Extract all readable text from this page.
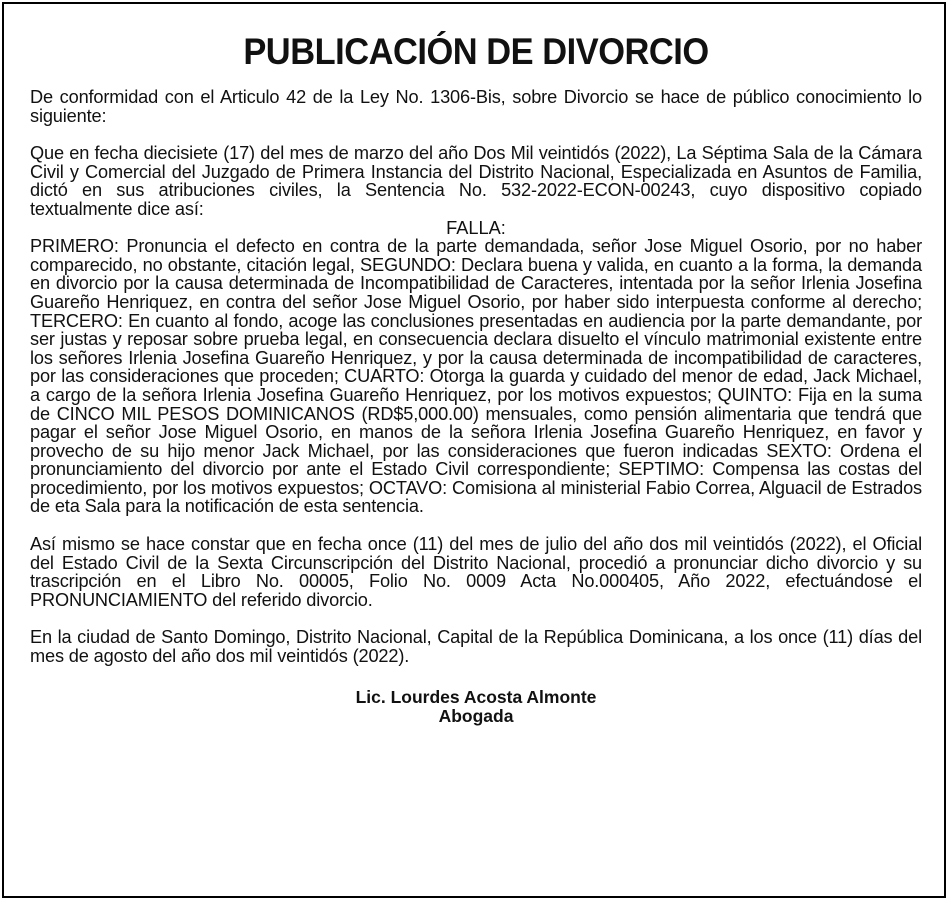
PUBLICACIÓN DE DIVORCIO

De conformidad con el Articulo 42 de la Ley No. 1306-Bis, sobre Divorcio se hace de público conocimiento lo siguiente:

Que en fecha diecisiete (17) del mes de marzo del año Dos Mil veintidós (2022), La Séptima Sala de la Cámara Civil y Comercial del Juzgado de Primera Instancia del Distrito Nacional, Especializada en Asuntos de Familia, dictó en sus atribuciones civiles, la Sentencia No. 532-2022-ECON-00243, cuyo dispositivo copiado textualmente dice así:

FALLA:

PRIMERO: Pronuncia el defecto en contra de la parte demandada, señor Jose Miguel Osorio, por no haber comparecido, no obstante, citación legal, SEGUNDO: Declara buena y valida, en cuanto a la forma, la demanda en divorcio por la causa determinada de Incompatibilidad de Caracteres, intentada por la señor Irlenia Josefina Guareño Henriquez, en contra del señor Jose Miguel Osorio, por haber sido interpuesta conforme al derecho; TERCERO: En cuanto al fondo, acoge las conclusiones presentadas en audiencia por la parte demandante, por ser justas y reposar sobre prueba legal, en consecuencia declara disuelto el vínculo matrimonial existente entre los señores Irlenia Josefina Guareño Henriquez, y por la causa determinada de incompatibilidad de caracteres, por las consideraciones que proceden; CUARTO: Otorga la guarda y cuidado del menor de edad, Jack Michael, a cargo de la señora Irlenia Josefina Guareño Henriquez, por los motivos expuestos; QUINTO: Fija en la suma de CINCO MIL PESOS DOMINICANOS (RD$5,000.00) mensuales, como pensión alimentaria que tendrá que pagar el señor Jose Miguel Osorio, en manos de la señora Irlenia Josefina Guareño Henriquez, en favor y provecho de su hijo menor Jack Michael, por las consideraciones que fueron indicadas SEXTO: Ordena el pronunciamiento del divorcio por ante el Estado Civil correspondiente; SEPTIMO: Compensa las costas del procedimiento, por los motivos expuestos; OCTAVO: Comisiona al ministerial Fabio Correa, Alguacil de Estrados de eta Sala para la notificación de esta sentencia.

Así mismo se hace constar que en fecha once (11) del mes de julio del año dos mil veintidós (2022), el Oficial del Estado Civil de la Sexta Circunscripción del Distrito Nacional, procedió a pronunciar dicho divorcio y su trascripción en el Libro No. 00005, Folio No. 0009 Acta No.000405, Año 2022, efectuándose el PRONUNCIAMIENTO del referido divorcio.

En la ciudad de Santo Domingo, Distrito Nacional, Capital de la República Dominicana, a los once (11) días del mes de agosto del año dos mil veintidós (2022).

Lic. Lourdes Acosta Almonte
Abogada
